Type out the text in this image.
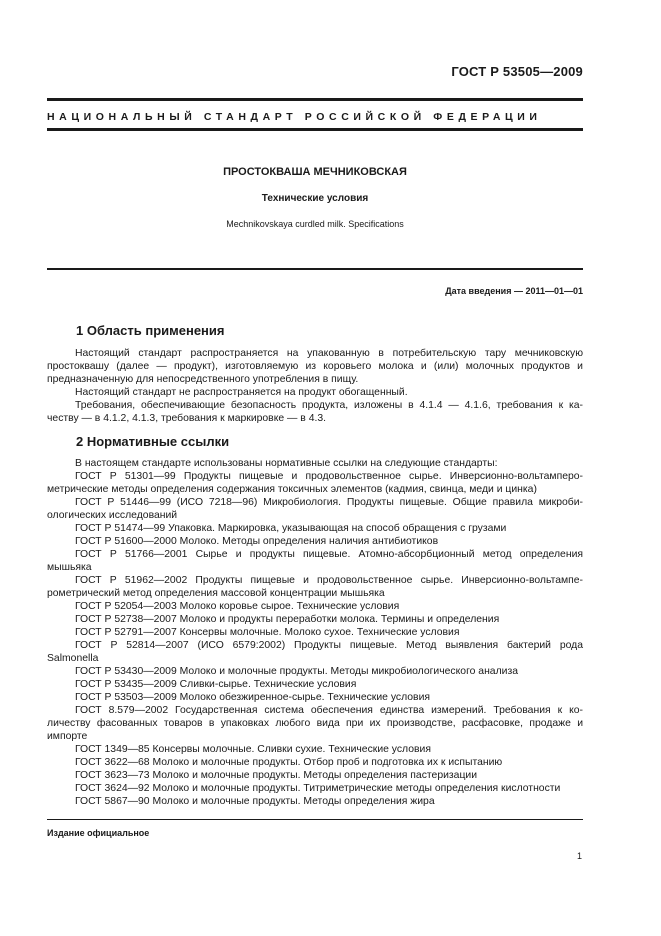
ГОСТ Р 53505—2009
НАЦИОНАЛЬНЫЙ СТАНДАРТ РОССИЙСКОЙ ФЕДЕРАЦИИ
ПРОСТОКВАША МЕЧНИКОВСКАЯ
Технические условия
Mechnikovskaya curdled milk. Specifications
Дата введения — 2011—01—01
1 Область применения
Настоящий стандарт распространяется на упакованную в потребительскую тару мечниковскую
простоквашу (далее — продукт), изготовляемую из коровьего молока и (или) молочных продуктов и
предназначенную для непосредственного употребления в пищу.
Настоящий стандарт не распространяется на продукт обогащенный.
Требования, обеспечивающие безопасность продукта, изложены в 4.1.4 — 4.1.6, требования к ка-
честву — в 4.1.2, 4.1.3, требования к маркировке — в 4.3.
2 Нормативные ссылки
В настоящем стандарте использованы нормативные ссылки на следующие стандарты:
ГОСТ Р 51301—99 Продукты пищевые и продовольственное сырье. Инверсионно-вольтампеpо-
метрические методы определения содержания токсичных элементов (кадмия, свинца, меди и цинка)
ГОСТ Р 51446—99 (ИСО 7218—96) Микробиология. Продукты пищевые. Общие правила микроби-
ологических исследований
ГОСТ Р 51474—99 Упаковка. Маркировка, указывающая на способ обращения с грузами
ГОСТ Р 51600—2000 Молоко. Методы определения наличия антибиотиков
ГОСТ Р 51766—2001 Сырье и продукты пищевые. Атомно-абсорбционный метод определения
мышьяка
ГОСТ Р 51962—2002 Продукты пищевые и продовольственное сырье. Инверсионно-вольтампе-
рометрический метод определения массовой концентрации мышьяка
ГОСТ Р 52054—2003 Молоко коровье сырое. Технические условия
ГОСТ Р 52738—2007 Молоко и продукты переработки молока. Термины и определения
ГОСТ Р 52791—2007 Консервы молочные. Молоко сухое. Технические условия
ГОСТ Р 52814—2007 (ИСО 6579:2002) Продукты пищевые. Метод выявления бактерий рода
Salmonella
ГОСТ Р 53430—2009 Молоко и молочные продукты. Методы микробиологического анализа
ГОСТ Р 53435—2009 Сливки-сырье. Технические условия
ГОСТ Р 53503—2009 Молоко обезжиренное-сырье. Технические условия
ГОСТ 8.579—2002 Государственная система обеспечения единства измерений. Требования к ко-
личеству фасованных товаров в упаковках любого вида при их производстве, расфасовке, продаже и
импорте
ГОСТ 1349—85 Консервы молочные. Сливки сухие. Технические условия
ГОСТ 3622—68 Молоко и молочные продукты. Отбор проб и подготовка их к испытанию
ГОСТ 3623—73 Молоко и молочные продукты. Методы определения пастеризации
ГОСТ 3624—92 Молоко и молочные продукты. Титриметрические методы определения кислотности
ГОСТ 5867—90 Молоко и молочные продукты. Методы определения жира
Издание официальное
1
